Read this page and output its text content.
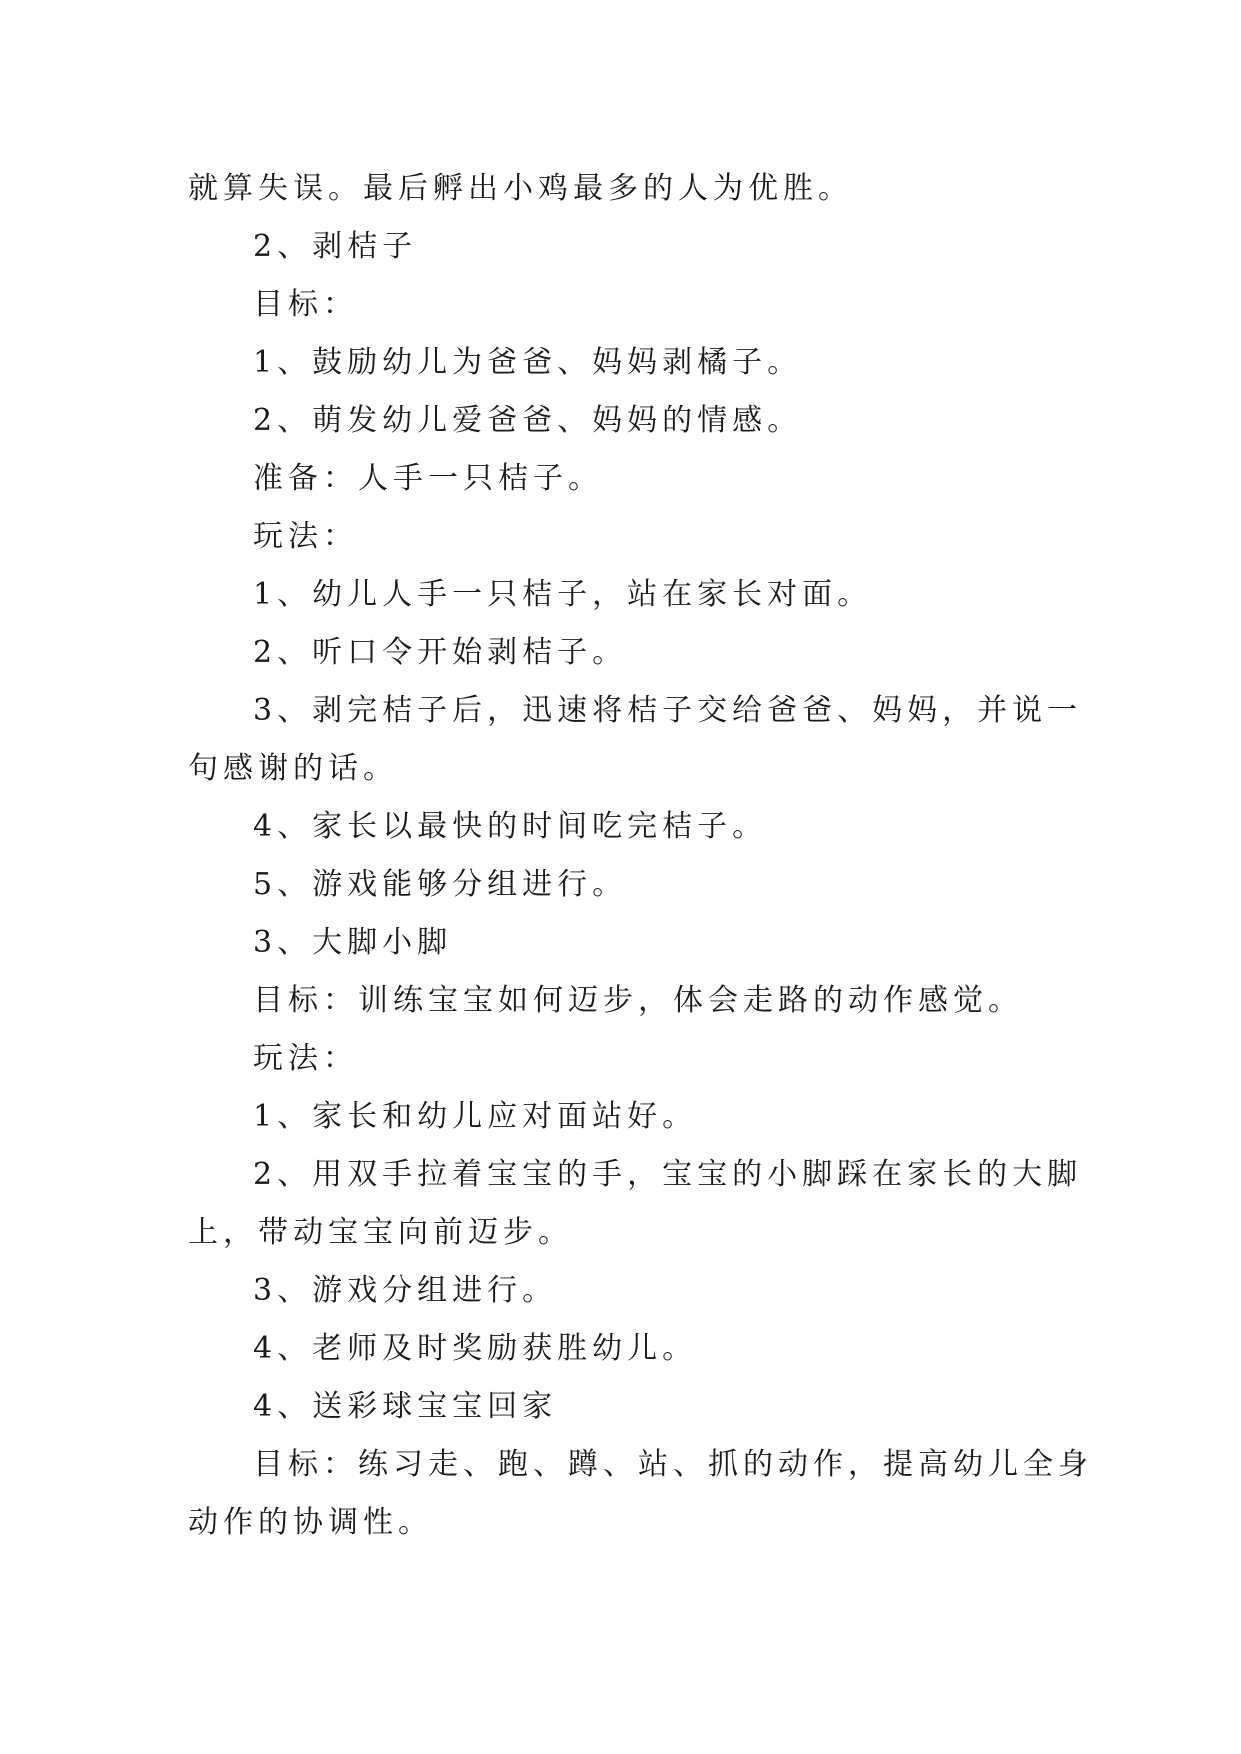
就算失误。最后孵出小鸡最多的人为优胜。

2、剥桔子

目标：

1、鼓励幼儿为爸爸、妈妈剥橘子。

2、萌发幼儿爱爸爸、妈妈的情感。

准备：人手一只桔子。

玩法：

1、幼儿人手一只桔子，站在家长对面。

2、听口令开始剥桔子。

3、剥完桔子后，迅速将桔子交给爸爸、妈妈，并说一

句感谢的话。

4、家长以最快的时间吃完桔子。

5、游戏能够分组进行。

3、大脚小脚

目标：训练宝宝如何迈步，体会走路的动作感觉。

玩法：

1、家长和幼儿应对面站好。

2、用双手拉着宝宝的手，宝宝的小脚踩在家长的大脚

上，带动宝宝向前迈步。

3、游戏分组进行。

4、老师及时奖励获胜幼儿。

4、送彩球宝宝回家

目标：练习走、跑、蹲、站、抓的动作，提高幼儿全身

动作的协调性。
